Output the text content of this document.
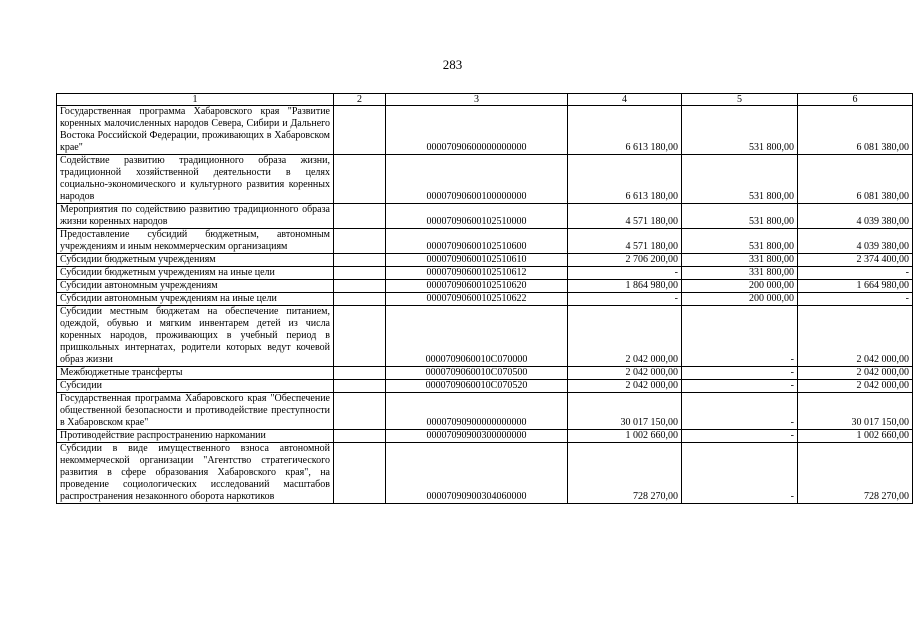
283
1	2	3	4	5	6
Государственная программа Хабаровского края "Развитие коренных малочисленных народов Севера, Сибири и Дальнего Востока Российской Федерации, проживающих в Хабаровском крае"		00007090600000000000	6 613 180,00	531 800,00	6 081 380,00
Содействие развитию традиционного образа жизни, традиционной хозяйственной деятельности в целях социально-экономического и культурного развития коренных народов		00007090600100000000	6 613 180,00	531 800,00	6 081 380,00
Мероприятия по содействию развитию традиционного образа жизни коренных народов		00007090600102510000	4 571 180,00	531 800,00	4 039 380,00
Предоставление субсидий бюджетным, автономным учреждениям и иным некоммерческим организациям		00007090600102510600	4 571 180,00	531 800,00	4 039 380,00
Субсидии бюджетным учреждениям		00007090600102510610	2 706 200,00	331 800,00	2 374 400,00
Субсидии бюджетным учреждениям на иные цели		00007090600102510612	-	331 800,00	-
Субсидии автономным учреждениям		00007090600102510620	1 864 980,00	200 000,00	1 664 980,00
Субсидии автономным учреждениям на иные цели		00007090600102510622	-	200 000,00	-
Субсидии местным бюджетам на обеспечение питанием, одеждой, обувью и мягким инвентарем детей из числа коренных народов, проживающих в учебный период в пришкольных интернатах, родители которых ведут кочевой образ жизни		0000709060010C070000	2 042 000,00	-	2 042 000,00
Межбюджетные трансферты		0000709060010C070500	2 042 000,00	-	2 042 000,00
Субсидии		0000709060010C070520	2 042 000,00	-	2 042 000,00
Государственная программа Хабаровского края "Обеспечение общественной безопасности и противодействие преступности в Хабаровском крае"		00007090900000000000	30 017 150,00	-	30 017 150,00
Противодействие распространению наркомании		00007090900300000000	1 002 660,00	-	1 002 660,00
Субсидии в виде имущественного взноса автономной некоммерческой организации "Агентство стратегического развития в сфере образования Хабаровского края", на проведение социологических исследований масштабов распространения незаконного оборота наркотиков		00007090900304060000	728 270,00	-	728 270,00
